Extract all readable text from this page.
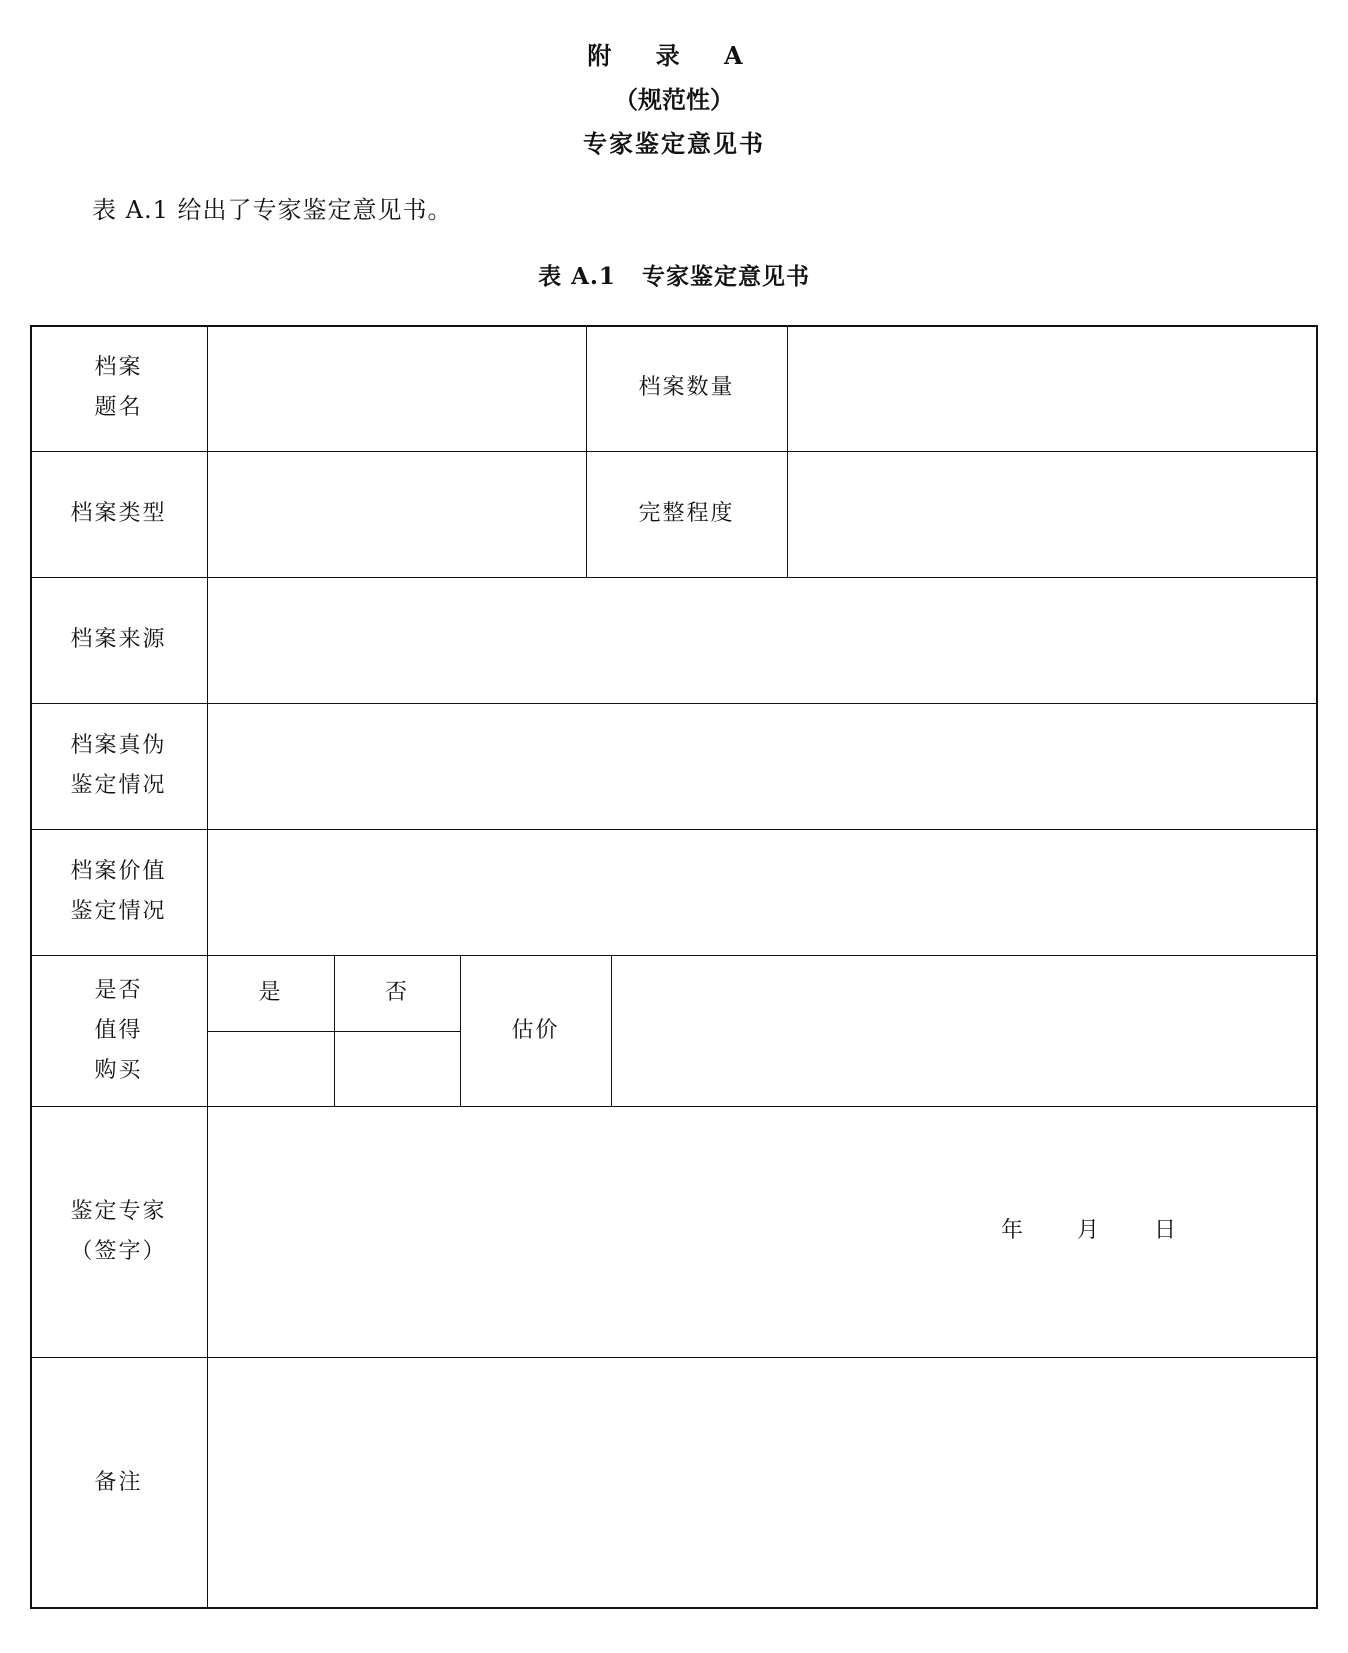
附 录 A
（规范性）
专家鉴定意见书
表 A.1 给出了专家鉴定意见书。
表 A.1 专家鉴定意见书
档案
题名
档案数量
档案类型	完整程度
档案来源
档案真伪
鉴定情况
档案价值
鉴定情况
是否
值得
购买
是	否
估价
鉴定专家
（签字）
年 月 日
备注
